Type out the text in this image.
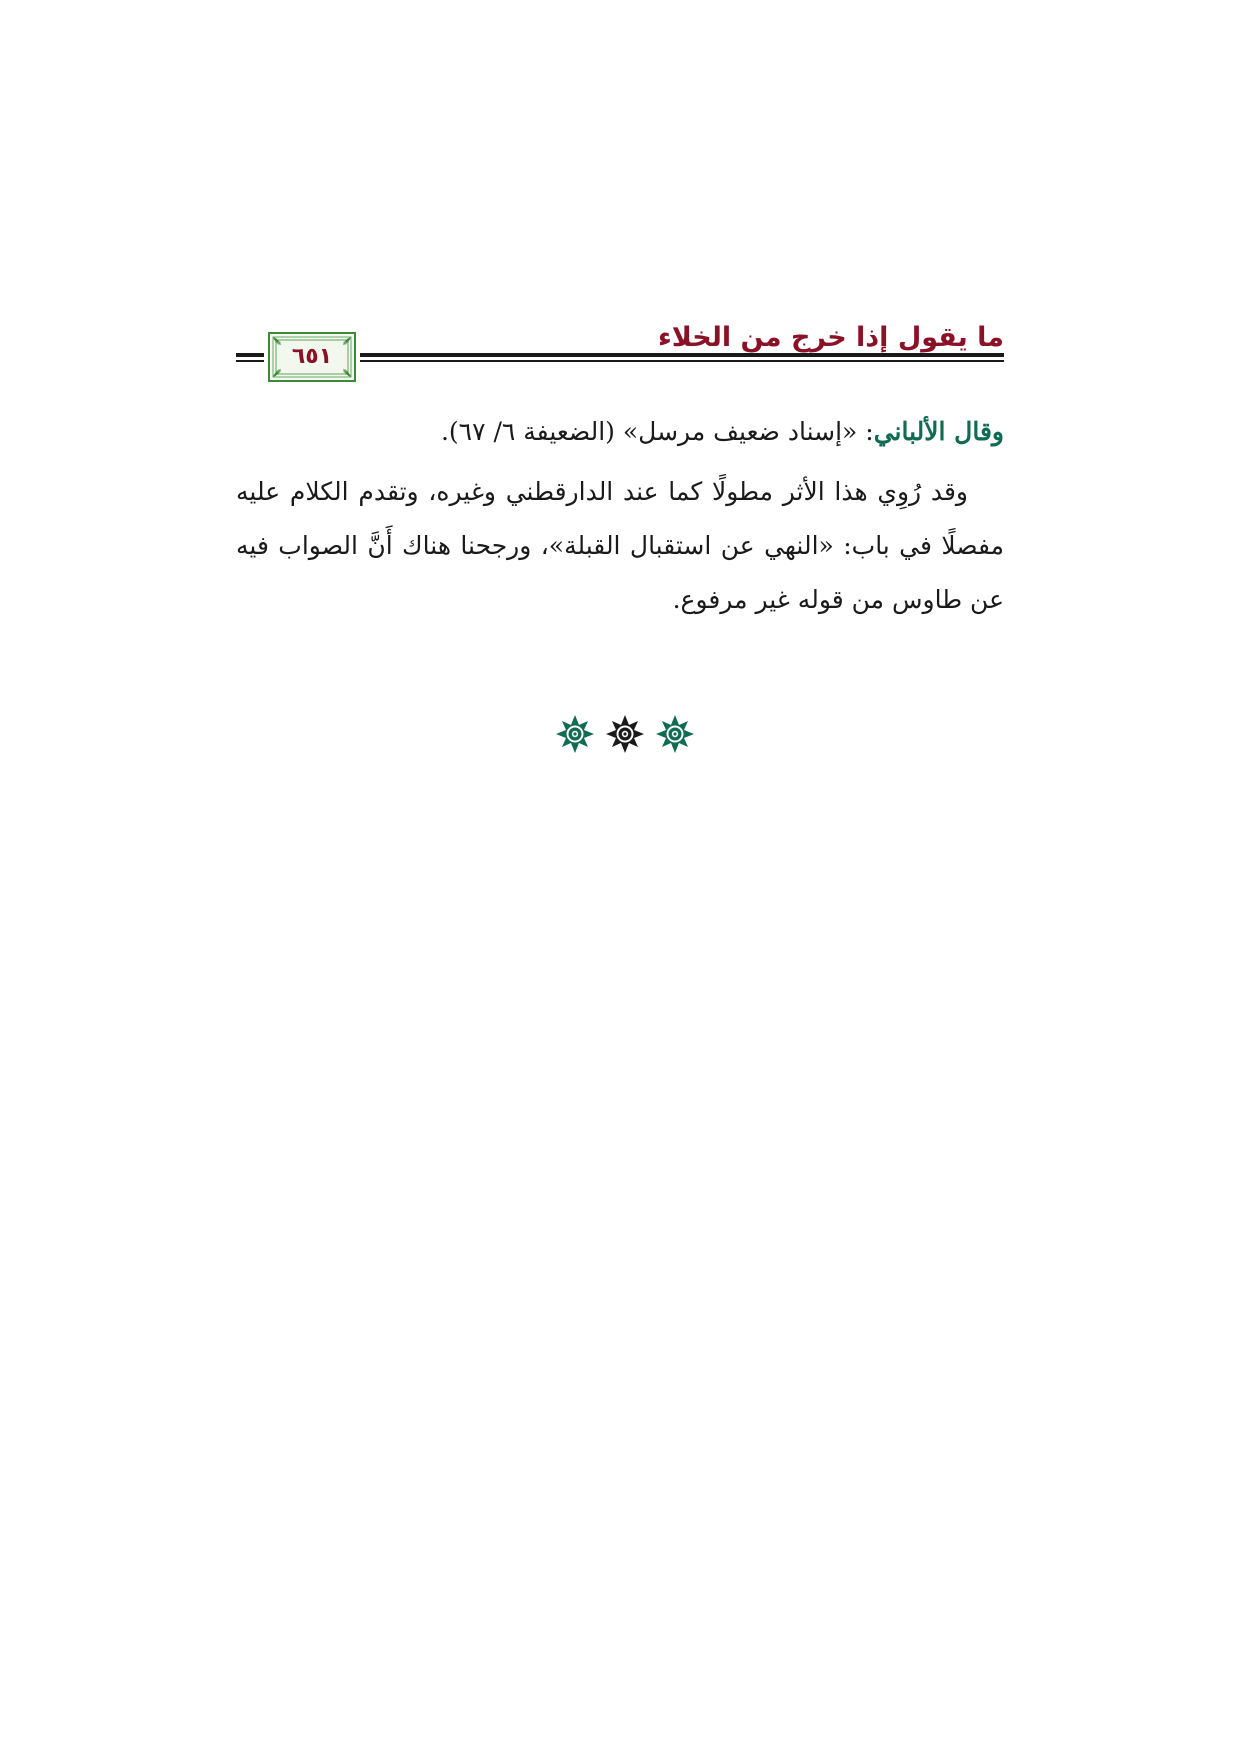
ما يقول إذا خرج من الخلاء
٦٥١

وقال الألباني: «إسناد ضعيف مرسل» (الضعيفة ٦/ ٦٧).

وقد رُوِي هذا الأثر مطولًا كما عند الدارقطني وغيره، وتقدم الكلام عليه مفصلًا في باب: «النهي عن استقبال القبلة»، ورجحنا هناك أَنَّ الصواب فيه عن طاوس من قوله غير مرفوع.
